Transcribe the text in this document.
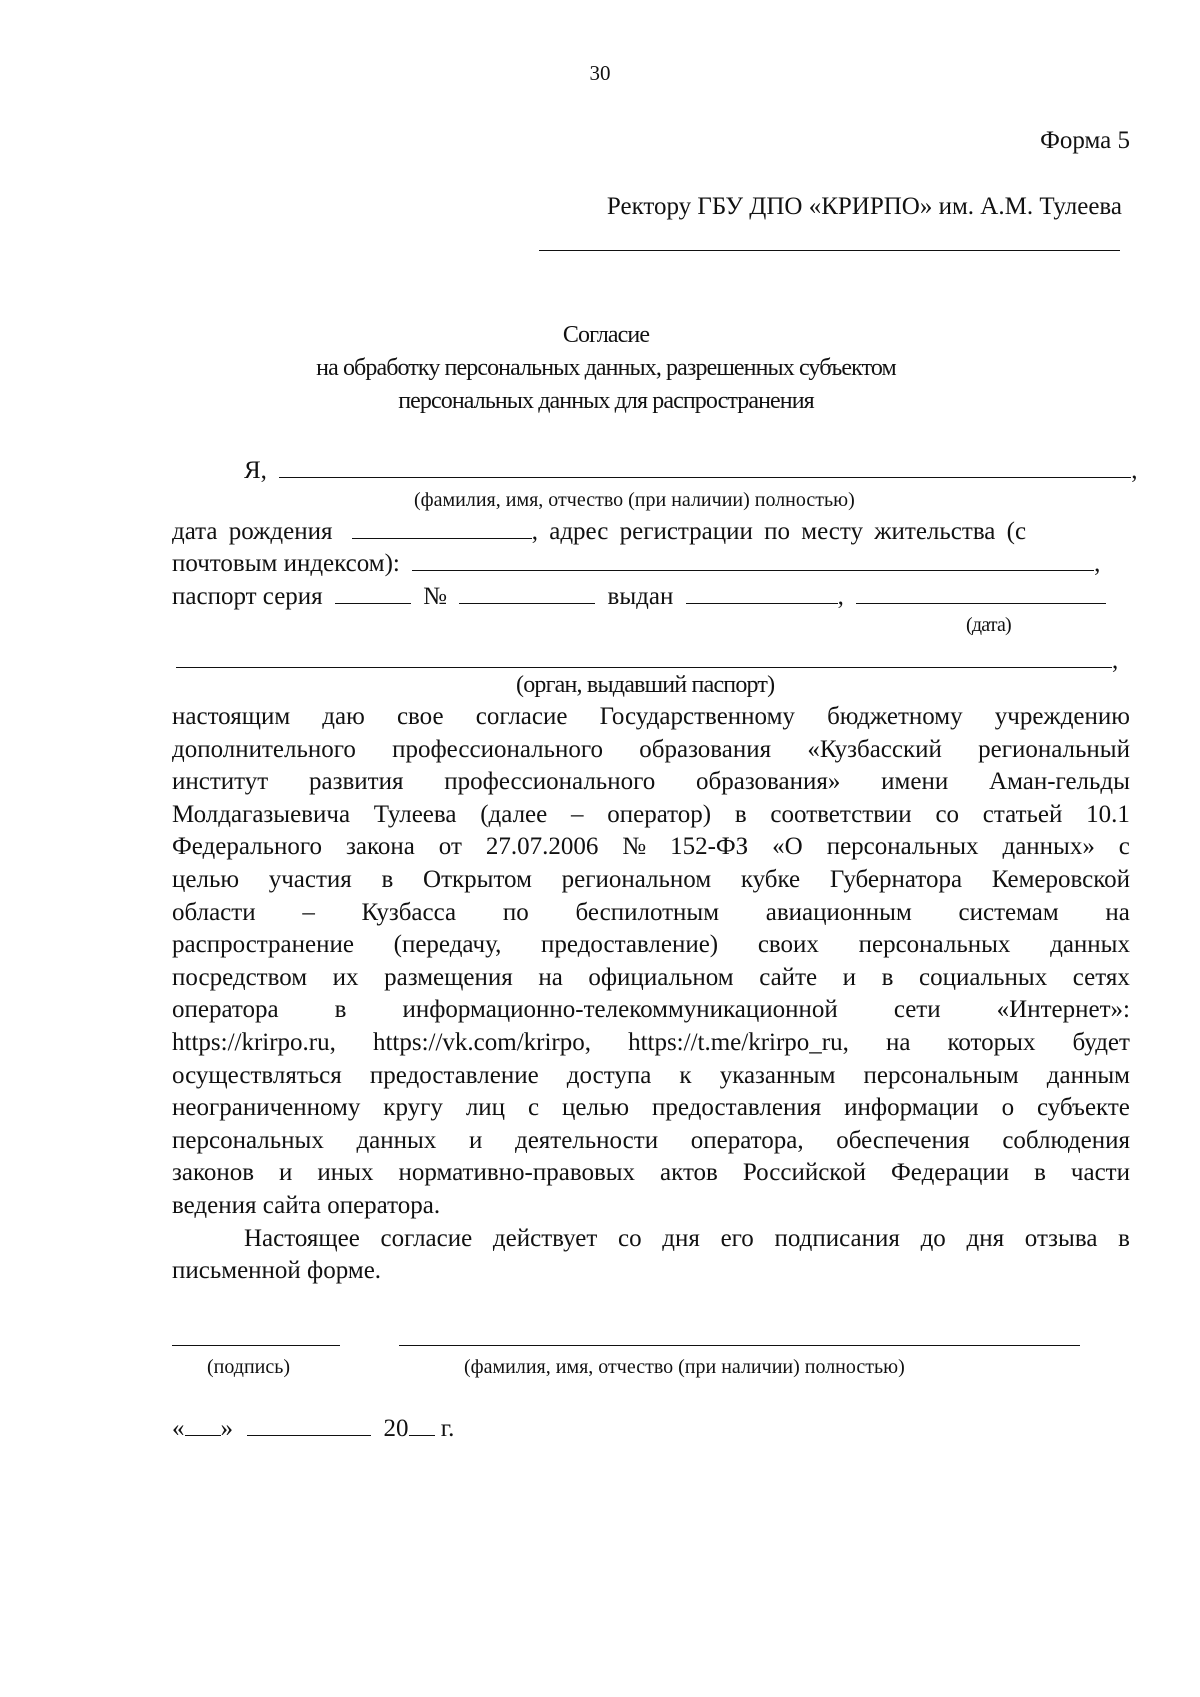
30
Форма 5
Ректору ГБУ ДПО «КРИРПО» им. А.М. Тулеева
Согласие
на обработку персональных данных, разрешенных субъектом
персональных данных для распространения
Я,	,
(фамилия, имя, отчество (при наличии) полностью)
дата рождения	, адрес регистрации по месту жительства (с
почтовым индексом):	,
паспорт серия	№	выдан	,
(дата)
,
(орган, выдавший паспорт)
настоящим даю свое согласие Государственному бюджетному учреждению
дополнительного профессионального образования «Кузбасский региональный
институт развития профессионального образования» имени Аман-гельды
Молдагазыевича Тулеева (далее – оператор) в соответствии со статьей 10.1
Федерального закона от 27.07.2006 № 152-ФЗ «О персональных данных» с
целью участия в Открытом региональном кубке Губернатора Кемеровской
области – Кузбасса по беспилотным авиационным системам на
распространение (передачу, предоставление) своих персональных данных
посредством их размещения на официальном сайте и в социальных сетях
оператора в информационно-телекоммуникационной сети «Интернет»:
https://krirpo.ru, https://vk.com/krirpo, https://t.me/krirpo_ru, на которых будет
осуществляться предоставление доступа к указанным персональным данным
неограниченному кругу лиц с целью предоставления информации о субъекте
персональных данных и деятельности оператора, обеспечения соблюдения
законов и иных нормативно-правовых актов Российской Федерации в части
ведения сайта оператора.
Настоящее согласие действует со дня его подписания до дня отзыва в
письменной форме.
(подпись)	(фамилия, имя, отчество (при наличии) полностью)
« »	20 г.
